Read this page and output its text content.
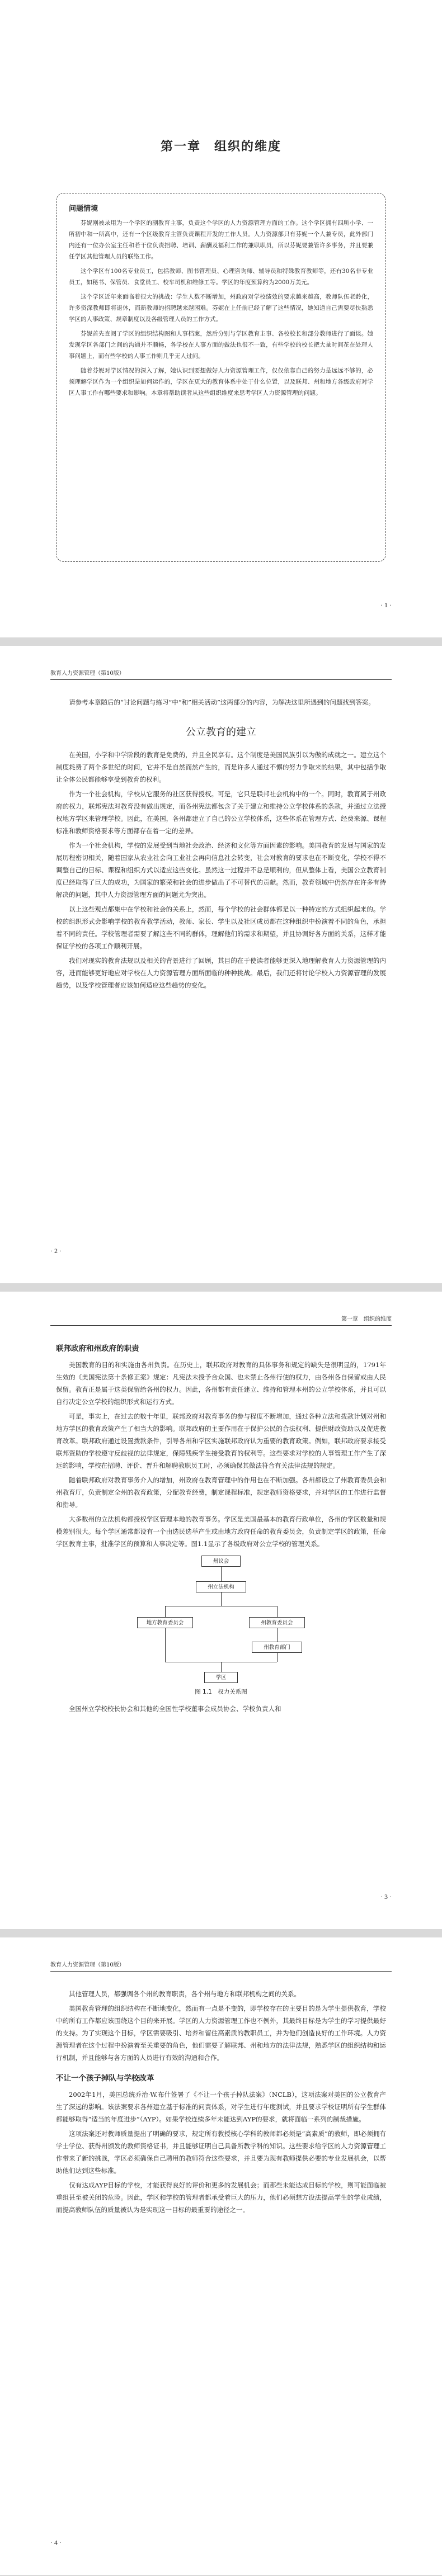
第一章　组织的维度
问题情境

芬妮刚被录用为一个学区的副教育主事，负责这个学区的人力资源管理方面的工作。这个学区拥有四所小学、一所初中和一所高中，还有一个区级教育主管负责课程开发的工作人员。人力资源部只有芬妮一个人兼专员，此外部门内还有一位办公室主任和若干位负责招聘、培训、薪酬及福利工作的兼职职员，所以芬妮要兼管许多事务，并且要兼任学区其他管理人员的联络工作。

这个学区有100名专业员工，包括教师、图书管理员、心理咨询师、辅导员和特殊教育教师等，还有30名非专业员工，如秘书、保管员、食堂员工、校车司机和维修工等。学区的年度预算约为2000万美元。

这个学区近年来面临着很大的挑战：学生人数不断增加，州政府对学校绩效的要求越来越高，教师队伍老龄化，许多资深教师即将退休，而新教师的招聘越来越困难。芬妮在上任前已经了解了这些情况，她知道自己需要尽快熟悉学区的人事政策、规章制度以及各级管理人员的工作方式。

芬妮首先查阅了学区的组织结构图和人事档案，然后分别与学区教育主事、各校校长和部分教师进行了面谈。她发现学区各部门之间的沟通并不顺畅，各学校在人事方面的做法也很不一致，有些学校的校长把大量时间花在处理人事问题上，而有些学校的人事工作则几乎无人过问。

随着芬妮对学区情况的深入了解，她认识到要想做好人力资源管理工作，仅仅依靠自己的努力是远远不够的，必须理解学区作为一个组织是如何运作的，学区在更大的教育体系中处于什么位置，以及联邦、州和地方各级政府对学区人事工作有哪些要求和影响。本章将帮助读者从这些组织维度来思考学区人力资源管理的问题。

· 1 ·
教育人力资源管理（第10版）

请参考本章随后的“讨论问题与练习”中“和”相关活动”这两部分的内容，为解决这里所遇到的问题找到答案。

公立教育的建立

在美国，小学和中学阶段的教育是免费的，并且全民享有。这个制度是美国民族引以为傲的成就之一。建立这个制度耗费了两个多世纪的时间，它并不是自然而然产生的，而是许多人通过不懈的努力争取来的结果，其中包括争取让全体公民都能够享受到教育的权利。

作为一个社会机构，学校从它服务的社区获得授权。可是，它只是联邦社会机构中的一个。同时，教育属于州政府的权力，联邦宪法对教育没有做出规定，而各州宪法都包含了关于建立和维持公立学校体系的条款，并通过立法授权地方学区来管理学校。因此，在美国，各州都建立了自己的公立学校体系，这些体系在管理方式、经费来源、课程标准和教师资格要求等方面都存在着一定的差异。

作为一个社会机构，学校的发展受到当地社会政治、经济和文化等方面因素的影响。美国教育的发展与国家的发展历程密切相关，随着国家从农业社会向工业社会再向信息社会转变，社会对教育的要求也在不断变化，学校不得不调整自己的目标、课程和组织方式以适应这些变化。虽然这一过程并不总是顺利的，但从整体上看，美国公立教育制度已经取得了巨大的成功，为国家的繁荣和社会的进步做出了不可替代的贡献。然而，教育领域中仍然存在许多有待解决的问题，其中人力资源管理方面的问题尤为突出。

以上这些观点都集中在学校和社会的关系上，然而，每个学校的社会群体都是以一种特定的方式组织起来的。学校的组织形式会影响学校的教育教学活动，教师、家长、学生以及社区成员都在这种组织中扮演着不同的角色，承担着不同的责任。学校管理者需要了解这些不同的群体，理解他们的需求和期望，并且协调好各方面的关系，这样才能保证学校的各项工作顺利开展。

我们对现实的教育法规以及相关的背景进行了回顾，其目的在于使读者能够更深入地理解教育人力资源管理的内容，进而能够更好地应对学校在人力资源管理方面所面临的种种挑战。最后，我们还将讨论学校人力资源管理的发展趋势，以及学校管理者应该如何适应这些趋势的变化。

· 2 ·
第一章　组织的维度
联邦政府和州政府的职责

美国教育的目的和实施由各州负责。在历史上，联邦政府对教育的具体事务和规定的缺失是很明显的，1791年生效的《美国宪法第十条修正案》规定：凡宪法未授予合众国、也未禁止各州行使的权力，由各州各自保留或由人民保留。教育正是属于这类保留给各州的权力。因此，各州都有责任建立、维持和管理本州的公立学校体系，并且可以自行决定公立学校的组织形式和运行方式。

可是，事实上，在过去的数十年里，联邦政府对教育事务的参与程度不断增加，通过各种立法和拨款计划对州和地方学区的教育政策产生了相当大的影响。联邦政府的主要作用在于保护公民的合法权利、提供财政资助以及促进教育改革。联邦政府通过设置拨款条件，引导各州和学区实施联邦政府认为重要的教育政策。例如，联邦政府要求接受联邦资助的学校遵守反歧视的法律规定，保障残疾学生接受教育的权利等。这些要求对学校的人事管理工作产生了深远的影响，学校在招聘、评价、晋升和解聘教职员工时，必须确保其做法符合有关法律法规的规定。

随着联邦政府对教育事务介入的增加，州政府在教育管理中的作用也在不断加强。各州都设立了州教育委员会和州教育厅，负责制定全州的教育政策，分配教育经费，制定课程标准，规定教师资格要求，并对学区的工作进行监督和指导。

大多数州的立法机构都授权学区管理本地的教育事务。学区是美国最基本的教育行政单位，各州的学区数量和规模差别很大。每个学区通常都设有一个由选民选举产生或由地方政府任命的教育委员会，负责制定学区的政策，任命学区教育主事，批准学区的预算和人事决定等。图1.1显示了各级政府对公立学校的管理关系。

州议会
州立法机构
地方教育委员会	州教育委员会
州教育部门
学区
图 1.1　权力关系图

全国州立学校校长协会和其他的全国性学校董事会成员协会、学校负责人和

· 3 ·
教育人力资源管理（第10版）

其他管理人员，都强调各个州的教育职责，各个州与地方和联邦机构之间的关系。

美国教育管理的组织结构在不断地变化，然而有一点是不变的，即学校存在的主要目的是为学生提供教育，学校中的所有工作都应该围绕这个目的来开展。学区的人力资源管理工作也不例外，其最终目标是为学生的学习提供最好的支持。为了实现这个目标，学区需要吸引、培养和留住高素质的教职员工，并为他们创造良好的工作环境。人力资源管理者在这个过程中扮演着至关重要的角色，他们需要了解联邦、州和地方的法律法规，熟悉学区的组织结构和运行机制，并且能够与各方面的人员进行有效的沟通和合作。

不让一个孩子掉队与学校改革

2002年1月，美国总统乔治·W.布什签署了《不让一个孩子掉队法案》（NCLB），这项法案对美国的公立教育产生了深远的影响。该法案要求各州建立基于标准的问责体系，对学生进行年度测试，并且要求学校证明所有学生群体都能够取得“适当的年度进步”（AYP）。如果学校连续多年未能达到AYP的要求，就将面临一系列的制裁措施。

这项法案还对教师质量提出了明确的要求，规定所有教授核心学科的教师都必须是“高素质”的教师，即必须拥有学士学位、获得州颁发的教师资格证书，并且能够证明自己具备所教学科的知识。这些要求给学区的人力资源管理工作带来了新的挑战，学区必须确保自己聘用的教师符合这些要求，并且要为现有教师提供必要的专业发展机会，以帮助他们达到这些标准。

仅有达成AYP目标的学校，才能获得良好的评价和更多的发展机会；而那些未能达成目标的学校，则可能面临被重组甚至被关闭的危险。因此，学区和学校的管理者都承受着巨大的压力，他们必须想方设法提高学生的学业成绩，而提高教师队伍的质量被认为是实现这一目标的最重要的途径之一。

· 4 ·
